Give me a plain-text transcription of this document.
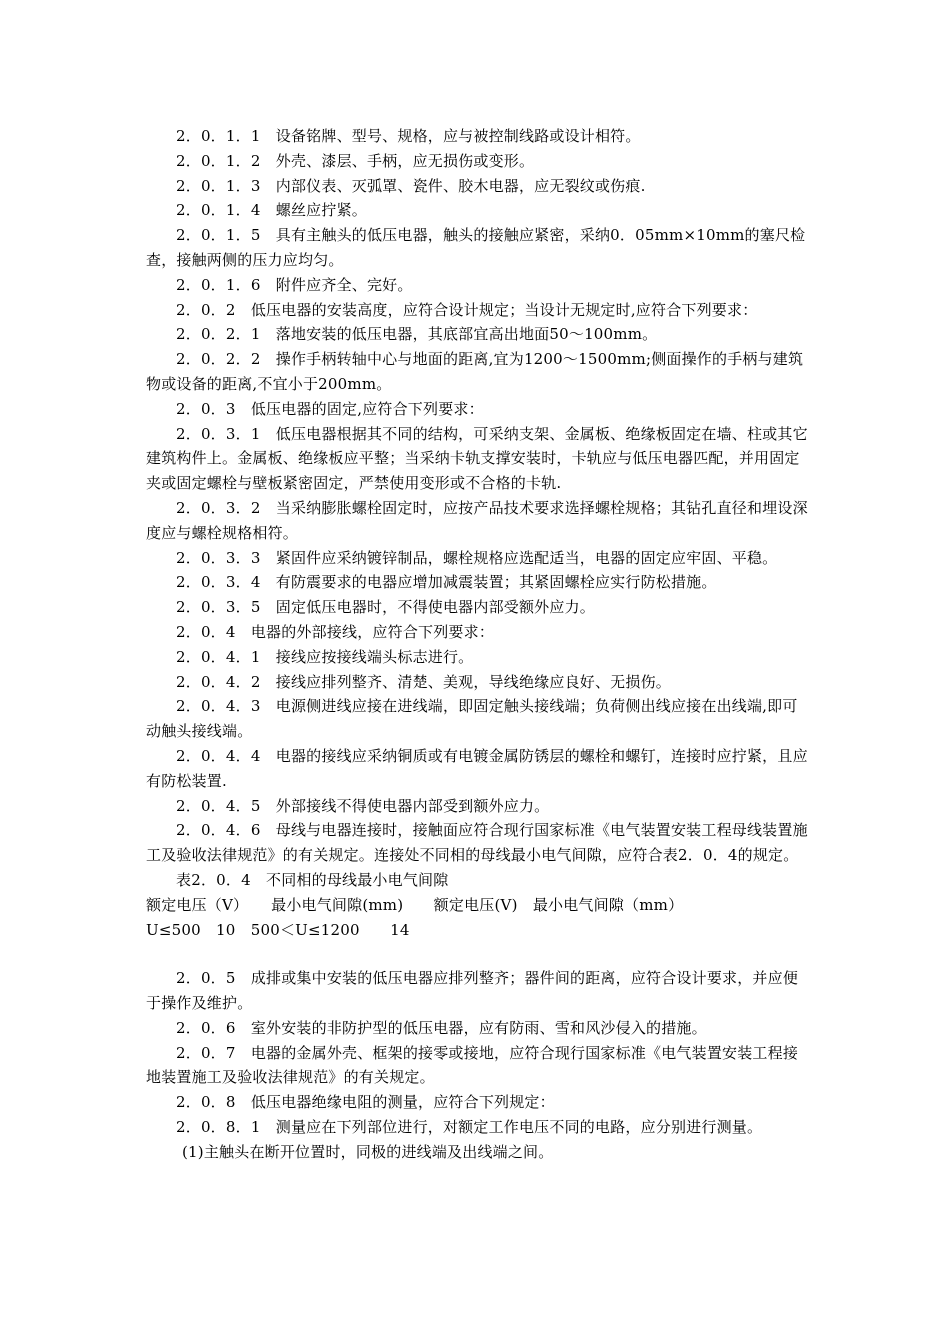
2．0．1．1　设备铭牌、型号、规格，应与被控制线路或设计相符。

2．0．1．2　外壳、漆层、手柄，应无损伤或变形。

2．0．1．3　内部仪表、灭弧罩、瓷件、胶木电器，应无裂纹或伤痕.

2．0．1．4　螺丝应拧紧。

2．0．1．5　具有主触头的低压电器，触头的接触应紧密，采纳0．05mm×10mm的塞尺检查，接触两侧的压力应均匀。

2．0．1．6　附件应齐全、完好。

2．0．2　低压电器的安装高度，应符合设计规定；当设计无规定时,应符合下列要求：

2．0．2．1　落地安装的低压电器，其底部宜高出地面50～100mm。

2．0．2．2　操作手柄转轴中心与地面的距离,宜为1200～1500mm;侧面操作的手柄与建筑物或设备的距离,不宜小于200mm。

2．0．3　低压电器的固定,应符合下列要求：

2．0．3．1　低压电器根据其不同的结构，可采纳支架、金属板、绝缘板固定在墙、柱或其它建筑构件上。金属板、绝缘板应平整；当采纳卡轨支撑安装时，卡轨应与低压电器匹配，并用固定夹或固定螺栓与壁板紧密固定，严禁使用变形或不合格的卡轨.

2．0．3．2　当采纳膨胀螺栓固定时，应按产品技术要求选择螺栓规格；其钻孔直径和埋设深度应与螺栓规格相符。

2．0．3．3　紧固件应采纳镀锌制品，螺栓规格应选配适当，电器的固定应牢固、平稳。

2．0．3．4　有防震要求的电器应增加减震装置；其紧固螺栓应实行防松措施。

2．0．3．5　固定低压电器时，不得使电器内部受额外应力。

2．0．4　电器的外部接线，应符合下列要求：

2．0．4．1　接线应按接线端头标志进行。

2．0．4．2　接线应排列整齐、清楚、美观，导线绝缘应良好、无损伤。

2．0．4．3　电源侧进线应接在进线端，即固定触头接线端；负荷侧出线应接在出线端,即可动触头接线端。

2．0．4．4　电器的接线应采纳铜质或有电镀金属防锈层的螺栓和螺钉，连接时应拧紧，且应有防松装置.

2．0．4．5　外部接线不得使电器内部受到额外应力。

2．0．4．6　母线与电器连接时，接触面应符合现行国家标准《电气装置安装工程母线装置施工及验收法律规范》的有关规定。连接处不同相的母线最小电气间隙，应符合表2．0．4的规定。

表2．0．4　不同相的母线最小电气间隙

额定电压（V）　　最小电气间隙(mm)　　额定电压(V)　最小电气间隙（mm）

U≤500　10　500＜U≤1200　　14

2．0．5　成排或集中安装的低压电器应排列整齐；器件间的距离，应符合设计要求，并应便于操作及维护。

2．0．6　室外安装的非防护型的低压电器，应有防雨、雪和风沙侵入的措施。

2．0．7　电器的金属外壳、框架的接零或接地，应符合现行国家标准《电气装置安装工程接地装置施工及验收法律规范》的有关规定。

2．0．8　低压电器绝缘电阻的测量，应符合下列规定：

2．0．8．1　测量应在下列部位进行，对额定工作电压不同的电路，应分别进行测量。

(1)主触头在断开位置时，同极的进线端及出线端之间。
